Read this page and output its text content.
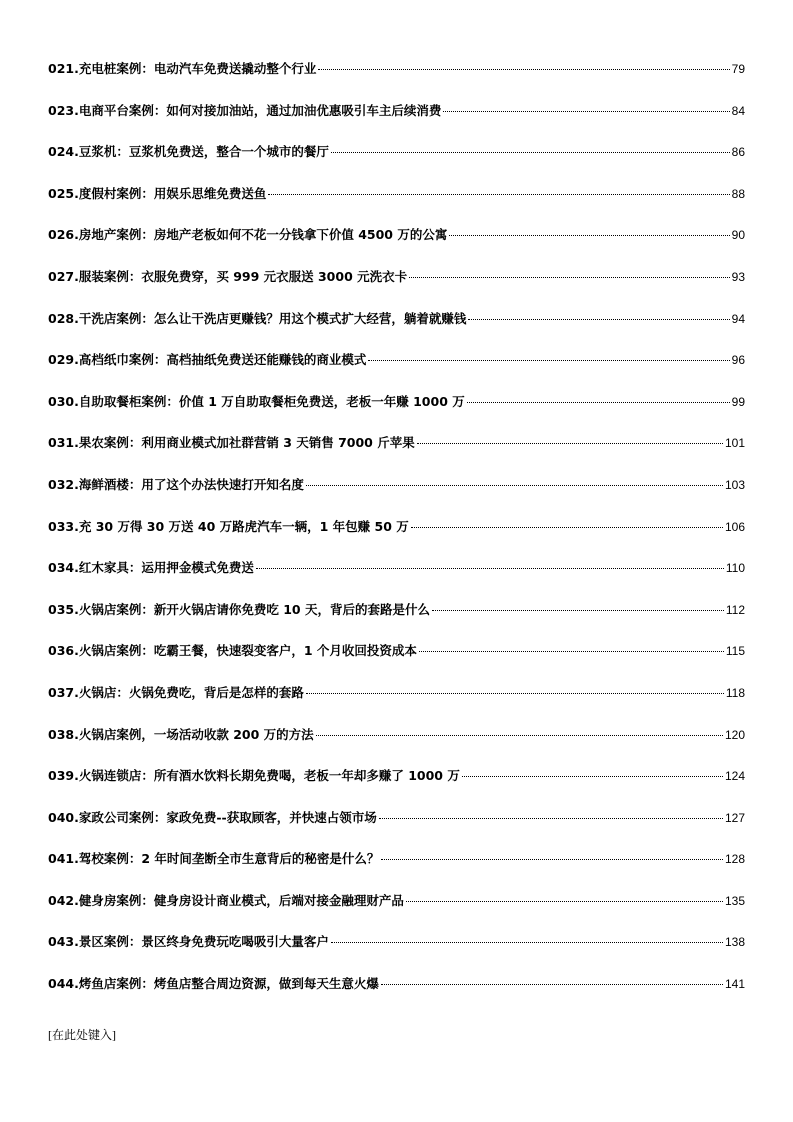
021.充电桩案例：电动汽车免费送撬动整个行业	79
023.电商平台案例：如何对接加油站，通过加油优惠吸引车主后续消费	84
024.豆浆机：豆浆机免费送，整合一个城市的餐厅	86
025.度假村案例：用娱乐思维免费送鱼	88
026.房地产案例：房地产老板如何不花一分钱拿下价值 4500 万的公寓	90
027.服装案例：衣服免费穿，买 999 元衣服送 3000 元洗衣卡	93
028.干洗店案例：怎么让干洗店更赚钱？用这个模式扩大经营，躺着就赚钱	94
029.高档纸巾案例：高档抽纸免费送还能赚钱的商业模式	96
030.自助取餐柜案例：价值 1 万自助取餐柜免费送，老板一年赚 1000 万	99
031.果农案例：利用商业模式加社群营销 3 天销售 7000 斤苹果	101
032.海鲜酒楼：用了这个办法快速打开知名度	103
033.充 30 万得 30 万送 40 万路虎汽车一辆，1 年包赚 50 万	106
034.红木家具：运用押金模式免费送	110
035.火锅店案例：新开火锅店请你免费吃 10 天，背后的套路是什么	112
036.火锅店案例：吃霸王餐，快速裂变客户，1 个月收回投资成本	115
037.火锅店：火锅免费吃，背后是怎样的套路	118
038.火锅店案例，一场活动收款 200 万的方法	120
039.火锅连锁店：所有酒水饮料长期免费喝，老板一年却多赚了 1000 万	124
040.家政公司案例：家政免费--获取顾客，并快速占领市场	127
041.驾校案例：2 年时间垄断全市生意背后的秘密是什么？	128
042.健身房案例：健身房设计商业模式，后端对接金融理财产品	135
043.景区案例：景区终身免费玩吃喝吸引大量客户	138
044.烤鱼店案例：烤鱼店整合周边资源，做到每天生意火爆	141
[在此处键入]
